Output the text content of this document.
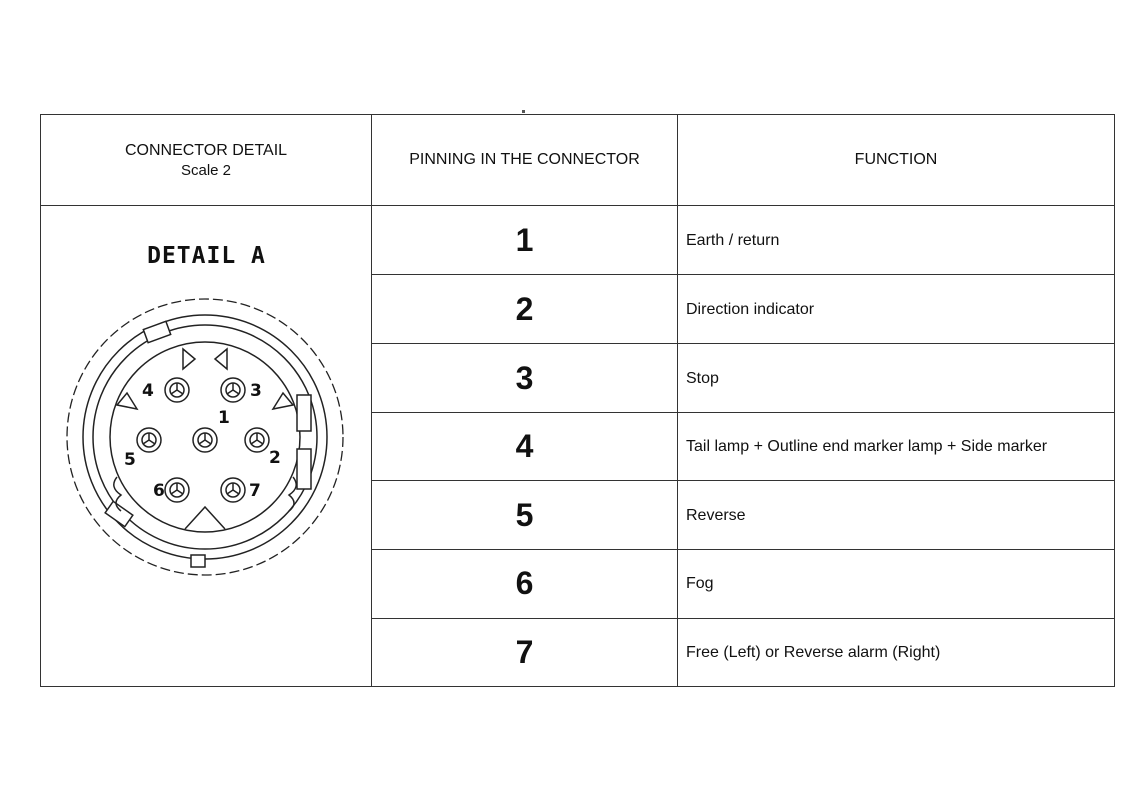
CONNECTOR DETAIL
Scale 2
PINNING IN THE CONNECTOR	FUNCTION
DETAIL A
1
2
3
4
5
6	7
1
2
3
4
5
6
7
Earth / return
Direction indicator
Stop
Tail lamp + Outline end marker lamp + Side marker
Reverse
Fog
Free (Left) or Reverse alarm (Right)
